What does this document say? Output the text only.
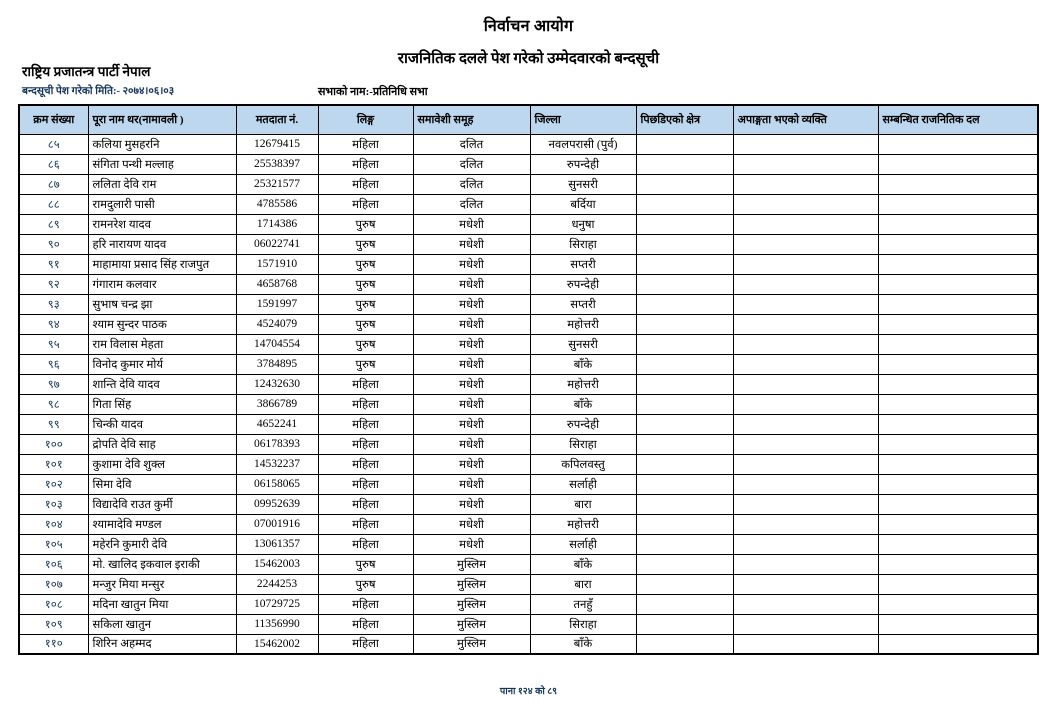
निर्वाचन आयोग
राजनितिक दलले पेश गरेको उम्मेदवारको बन्दसूची
राष्ट्रिय प्रजातन्त्र पार्टी नेपाल
बन्दसूची पेश गरेको मिति:- २०७४।०६।०३	सभाको नाम:-प्रतिनिधि सभा
क्रम संख्या	पूरा नाम थर(नामावली )	मतदाता नं.	लिङ्ग	समावेशी समूह	जिल्ला	पिछडिएको क्षेत्र	अपाङ्गता भएको व्यक्ति	सम्बन्धित राजनितिक दल
८५	कलिया मुसहरनि	12679415	महिला	दलित	नवलपरासी (पुर्व)			
८६	संगिता पन्थी मल्लाह	25538397	महिला	दलित	रुपन्देही			
८७	ललिता देवि राम	25321577	महिला	दलित	सुनसरी			
८८	रामदुलारी पासी	4785586	महिला	दलित	बर्दिया			
८९	रामनरेश यादव	1714386	पुरुष	मधेशी	धनुषा			
९०	हरि नारायण यादव	06022741	पुरुष	मधेशी	सिराहा			
९१	माहामाया प्रसाद सिंह राजपुत	1571910	पुरुष	मधेशी	सप्तरी			
९२	गंगाराम कलवार	4658768	पुरुष	मधेशी	रुपन्देही			
९३	सुभाष चन्द्र झा	1591997	पुरुष	मधेशी	सप्तरी			
९४	श्याम सुन्दर पाठक	4524079	पुरुष	मधेशी	महोत्तरी			
९५	राम विलास मेहता	14704554	पुरुष	मधेशी	सुनसरी			
९६	विनोद कुमार मोर्य	3784895	पुरुष	मधेशी	बाँके			
९७	शान्ति देवि यादव	12432630	महिला	मधेशी	महोत्तरी			
९८	गिता सिंह	3866789	महिला	मधेशी	बाँके			
९९	चिन्की यादव	4652241	महिला	मधेशी	रुपन्देही			
१००	द्रोपति देवि साह	06178393	महिला	मधेशी	सिराहा			
१०१	कुशामा देवि शुक्ल	14532237	महिला	मधेशी	कपिलवस्तु			
१०२	सिमा देवि	06158065	महिला	मधेशी	सर्लाही			
१०३	विद्यादेवि राउत कुर्मी	09952639	महिला	मधेशी	बारा			
१०४	श्यामादेवि मण्डल	07001916	महिला	मधेशी	महोत्तरी			
१०५	महेरनि कुमारी देवि	13061357	महिला	मधेशी	सर्लाही			
१०६	मो. खालिद इकवाल इराकी	15462003	पुरुष	मुस्लिम	बाँके			
१०७	मन्जुर मिया मन्सुर	2244253	पुरुष	मुस्लिम	बारा			
१०८	मदिना खातुन मिया	10729725	महिला	मुस्लिम	तनहुँ			
१०९	सकिला खातुन	11356990	महिला	मुस्लिम	सिराहा			
११०	शिरिन अहम्मद	15462002	महिला	मुस्लिम	बाँके			
पाना १२४ को ८९
